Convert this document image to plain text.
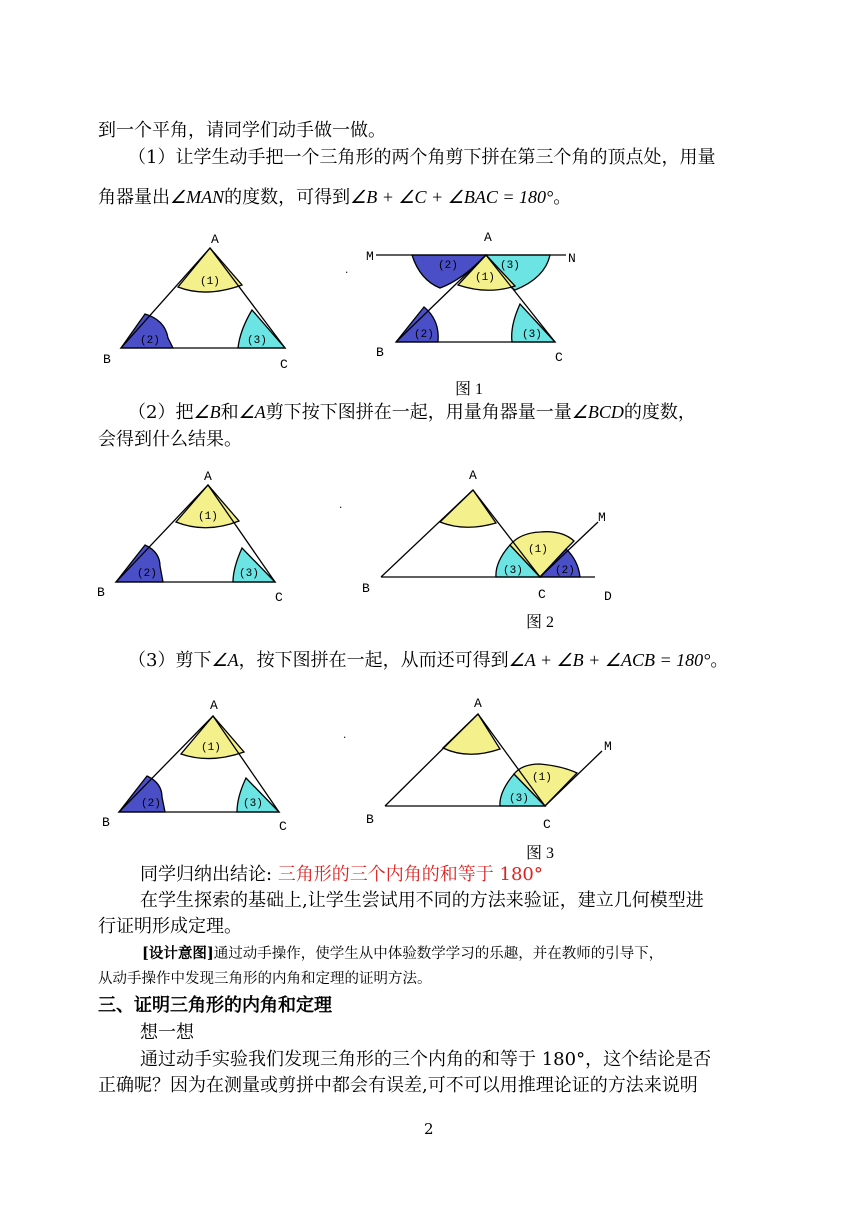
到一个平角，请同学们动手做一做。
（1）让学生动手把一个三角形的两个角剪下拼在第三个角的顶点处，用量
角器量出∠MAN的度数，可得到∠B + ∠C + ∠BAC = 180°。
（2）把∠B和∠A剪下按下图拼在一起，用量角器量一量∠BCD的度数，
会得到什么结果。
（3）剪下∠A，按下图拼在一起，从而还可得到∠A + ∠B + ∠ACB = 180°。
同学归纳出结论: 三角形的三个内角的和等于 180°
在学生探索的基础上,让学生尝试用不同的方法来验证，建立几何模型进
行证明形成定理。
[设计意图]通过动手操作，使学生从中体验数学学习的乐趣，并在教师的引导下，
从动手操作中发现三角形的内角和定理的证明方法。
三、证明三角形的内角和定理
想一想
通过动手实验我们发现三角形的三个内角的和等于 180°，这个结论是否
正确呢？因为在测量或剪拼中都会有误差,可不可以用推理论证的方法来说明
2
图 1
图 2
图 3
A
B	C
(1)
(2)	(3)
A
M	N
B	C
(2)
(1)
(3)
(2)	(3)
.
A
B	C
(1)
(2)	(3)
A
B	C	D
M
(1)
(3)	(2)
.
A
B	C
(1)
(2)	(3)
A
B	C
M
(1)
(3)
.
